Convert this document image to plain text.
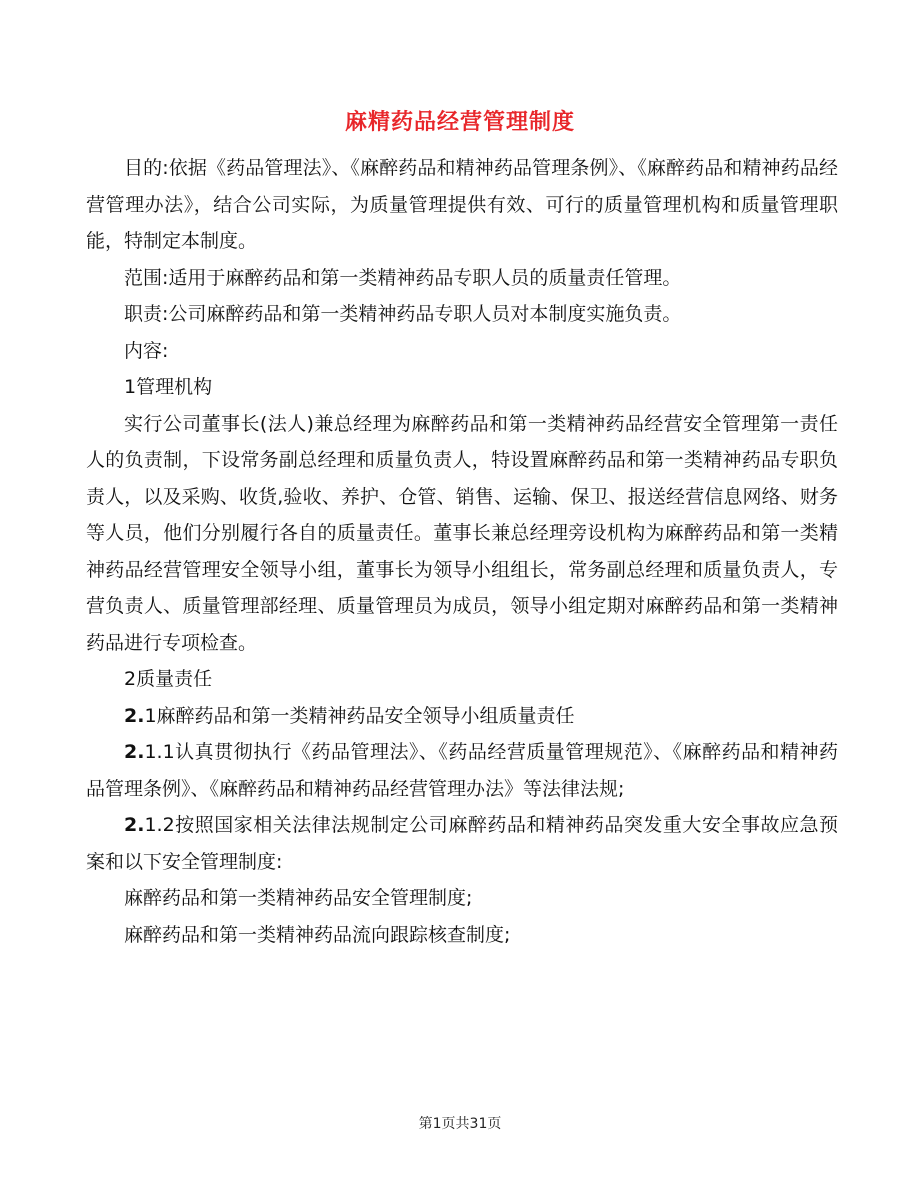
麻精药品经营管理制度

目的:依据《药品管理法》、《麻醉药品和精神药品管理条例》、《麻醉药品和精神药品经营管理办法》，结合公司实际，为质量管理提供有效、可行的质量管理机构和质量管理职能，特制定本制度。

范围:适用于麻醉药品和第一类精神药品专职人员的质量责任管理。

职责:公司麻醉药品和第一类精神药品专职人员对本制度实施负责。

内容:

1管理机构

实行公司董事长(法人)兼总经理为麻醉药品和第一类精神药品经营安全管理第一责任人的负责制，下设常务副总经理和质量负责人，特设置麻醉药品和第一类精神药品专职负责人，以及采购、收货,验收、养护、仓管、销售、运输、保卫、报送经营信息网络、财务等人员，他们分别履行各自的质量责任。董事长兼总经理旁设机构为麻醉药品和第一类精神药品经营管理安全领导小组，董事长为领导小组组长，常务副总经理和质量负责人，专营负责人、质量管理部经理、质量管理员为成员，领导小组定期对麻醉药品和第一类精神药品进行专项检查。

2质量责任

2.1麻醉药品和第一类精神药品安全领导小组质量责任

2.1.1认真贯彻执行《药品管理法》、《药品经营质量管理规范》、《麻醉药品和精神药品管理条例》、《麻醉药品和精神药品经营管理办法》等法律法规;

2.1.2按照国家相关法律法规制定公司麻醉药品和精神药品突发重大安全事故应急预案和以下安全管理制度:

麻醉药品和第一类精神药品安全管理制度;

麻醉药品和第一类精神药品流向跟踪核查制度;

第1页共31页
